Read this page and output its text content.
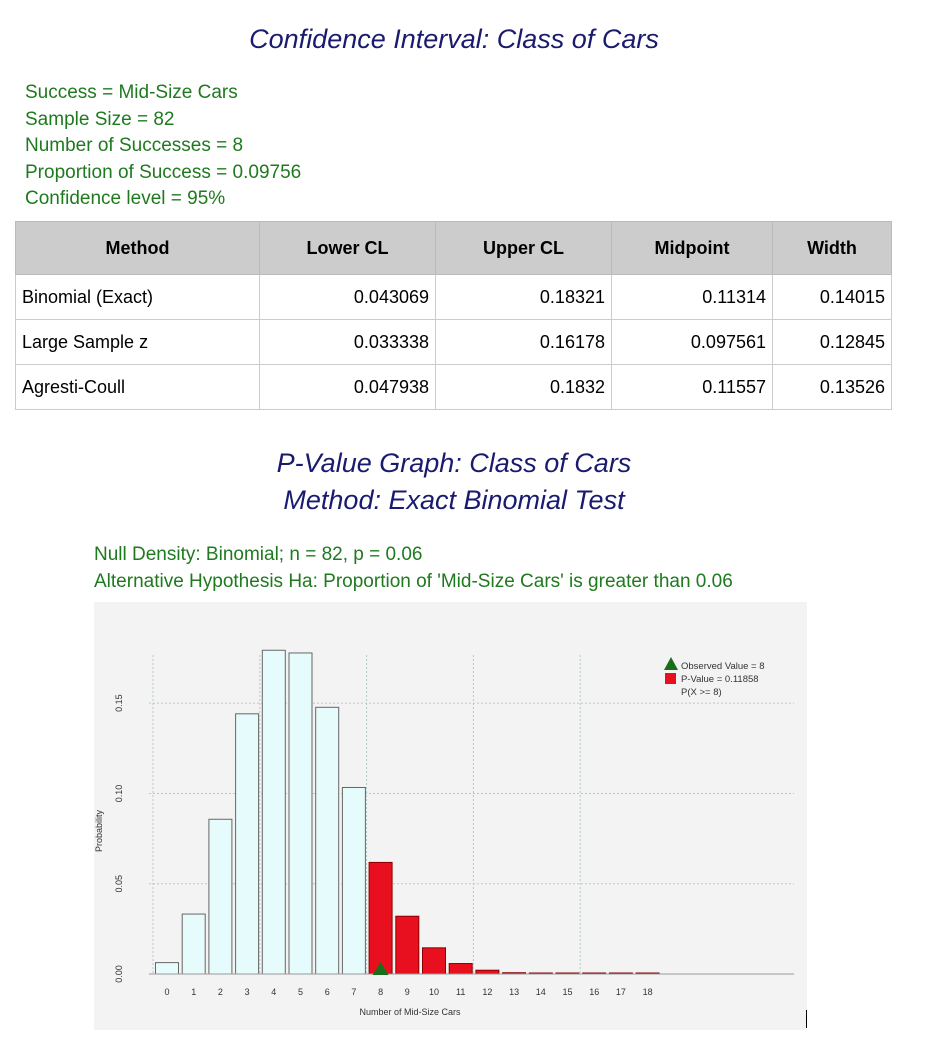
Confidence Interval: Class of Cars
Success = Mid-Size Cars
Sample Size = 82
Number of Successes = 8
Proportion of Success = 0.09756
Confidence level = 95%
Method	Lower CL	Upper CL	Midpoint	Width
Binomial (Exact)	0.043069	0.18321	0.11314	0.14015
Large Sample z	0.033338	0.16178	0.097561	0.12845
Agresti-Coull	0.047938	0.1832	0.11557	0.13526
P-Value Graph: Class of Cars
Method: Exact Binomial Test
Null Density: Binomial; n = 82, p = 0.06
Alternative Hypothesis Ha: Proportion of 'Mid-Size Cars' is greater than 0.06
0 1 2 3 4 5 6 7 8 9 10 11 12 13 14 15 16 17 18
0.00
0.05
0.10
0.15
Number of Mid-Size Cars
Probability
Observed Value = 8
P-Value = 0.11858
P(X >= 8)
